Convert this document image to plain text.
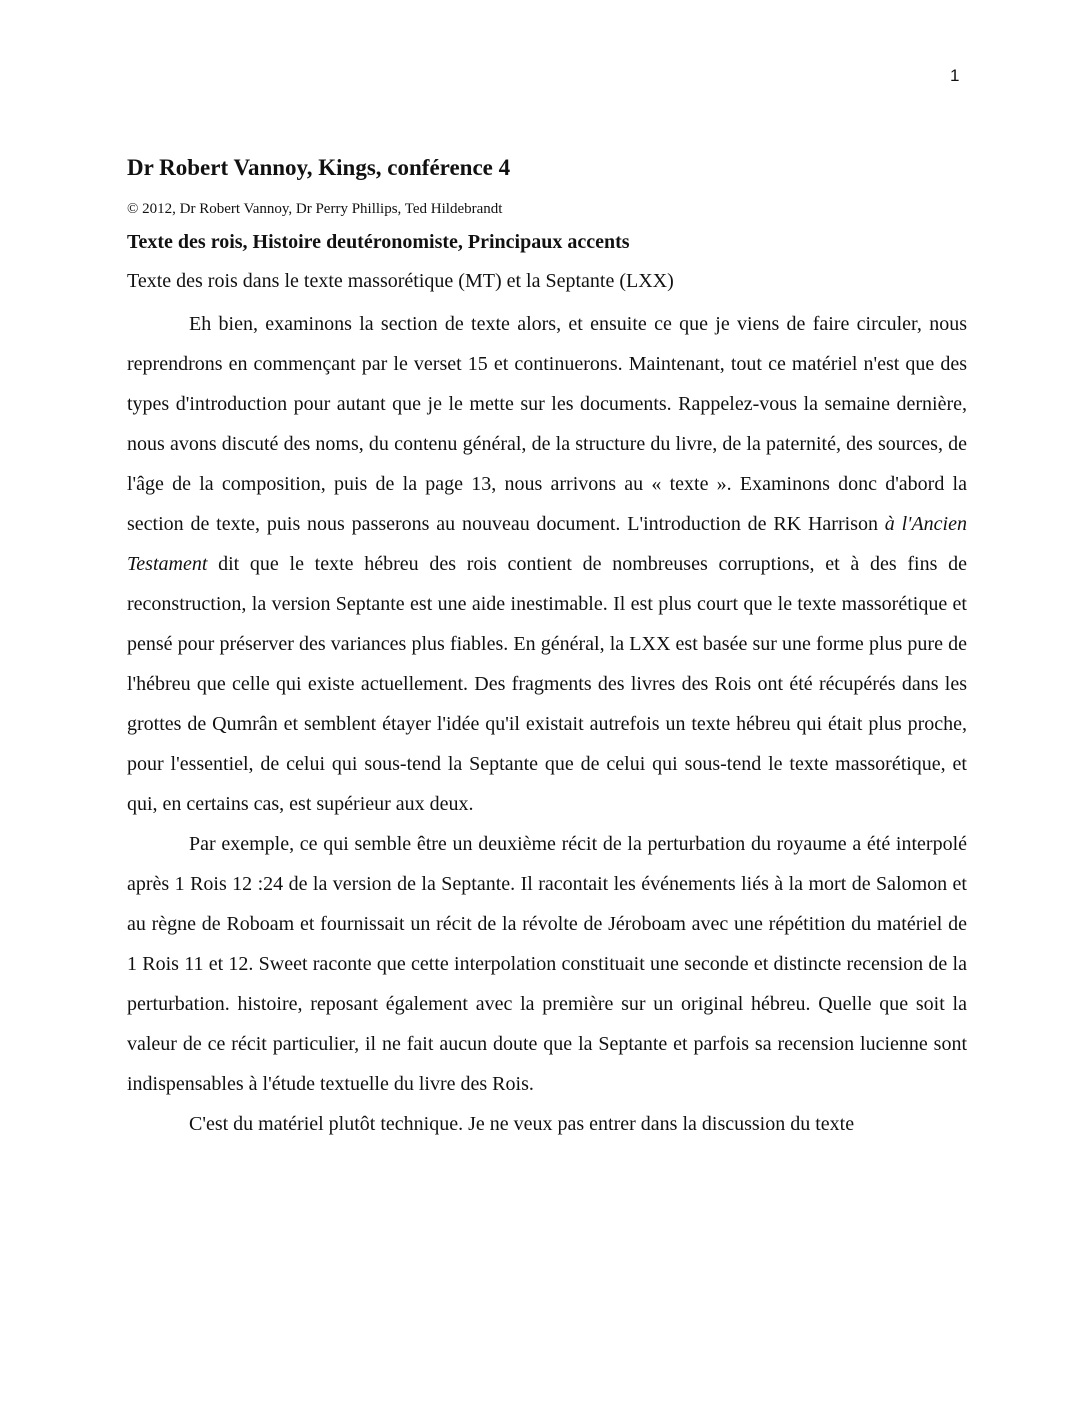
1
Dr Robert Vannoy, Kings, conférence 4
© 2012, Dr Robert Vannoy, Dr Perry Phillips, Ted Hildebrandt
Texte des rois, Histoire deutéronomiste, Principaux accents
Texte des rois dans le texte massorétique (MT) et la Septante (LXX)

Eh bien, examinons la section de texte alors, et ensuite ce que je viens de faire circuler, nous reprendrons en commençant par le verset 15 et continuerons. Maintenant, tout ce matériel n'est que des types d'introduction pour autant que je le mette sur les documents. Rappelez-vous la semaine dernière, nous avons discuté des noms, du contenu général, de la structure du livre, de la paternité, des sources, de l'âge de la composition, puis de la page 13, nous arrivons au « texte ». Examinons donc d'abord la section de texte, puis nous passerons au nouveau document. L'introduction de RK Harrison à l'Ancien Testament dit que le texte hébreu des rois contient de nombreuses corruptions, et à des fins de reconstruction, la version Septante est une aide inestimable. Il est plus court que le texte massorétique et pensé pour préserver des variances plus fiables. En général, la LXX est basée sur une forme plus pure de l'hébreu que celle qui existe actuellement. Des fragments des livres des Rois ont été récupérés dans les grottes de Qumrân et semblent étayer l'idée qu'il existait autrefois un texte hébreu qui était plus proche, pour l'essentiel, de celui qui sous-tend la Septante que de celui qui sous-tend le texte massorétique, et qui, en certains cas, est supérieur aux deux.

Par exemple, ce qui semble être un deuxième récit de la perturbation du royaume a été interpolé après 1 Rois 12 :24 de la version de la Septante. Il racontait les événements liés à la mort de Salomon et au règne de Roboam et fournissait un récit de la révolte de Jéroboam avec une répétition du matériel de 1 Rois 11 et 12. Sweet raconte que cette interpolation constituait une seconde et distincte recension de la perturbation. histoire, reposant également avec la première sur un original hébreu. Quelle que soit la valeur de ce récit particulier, il ne fait aucun doute que la Septante et parfois sa recension lucienne sont indispensables à l'étude textuelle du livre des Rois.

C'est du matériel plutôt technique. Je ne veux pas entrer dans la discussion du texte
